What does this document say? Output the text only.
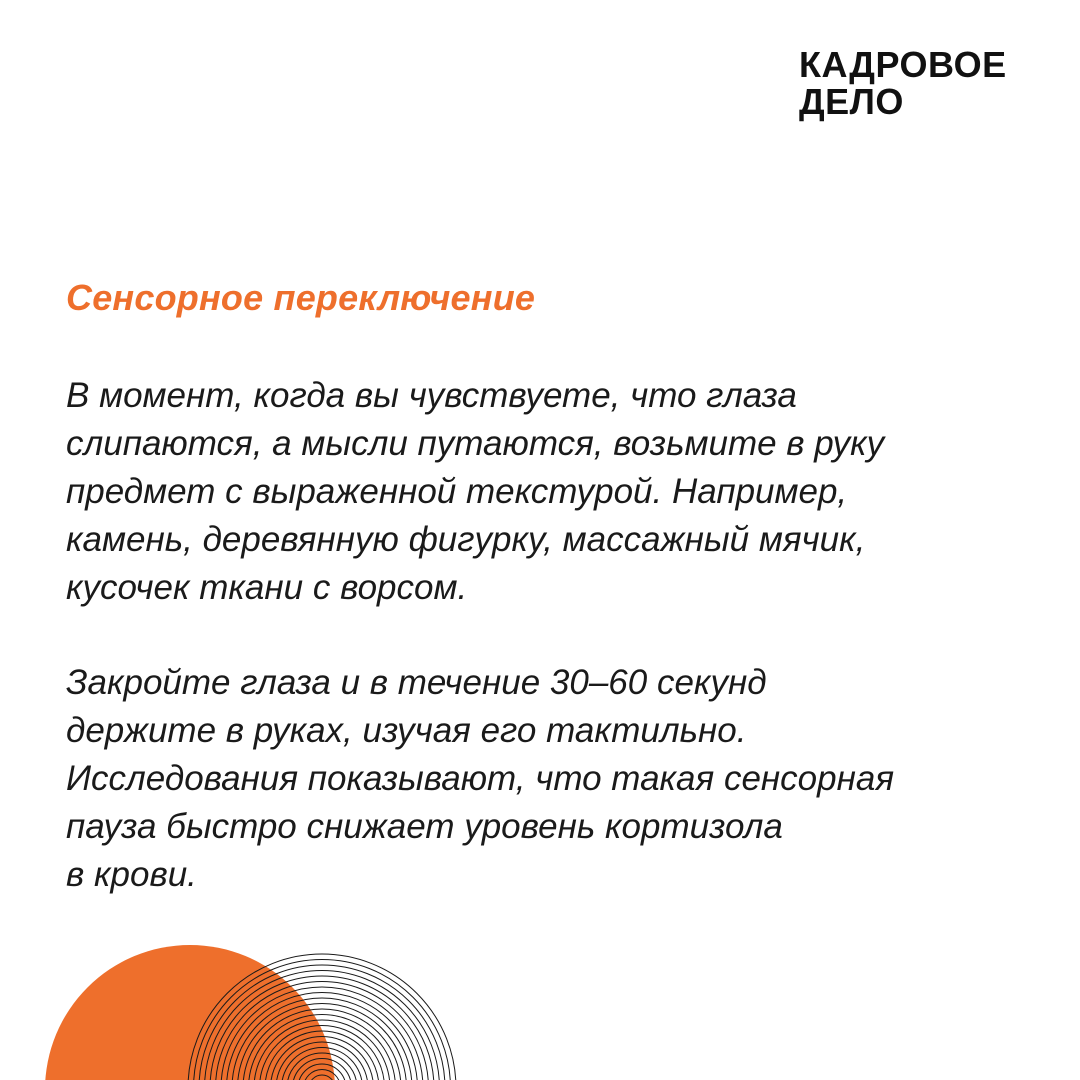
КАДРОВОЕ
ДЕЛО
Сенсорное переключение

В момент, когда вы чувствуете, что глаза
слипаются, а мысли путаются, возьмите в руку
предмет с выраженной текстурой. Например,
камень, деревянную фигурку, массажный мячик,
кусочек ткани с ворсом.

Закройте глаза и в течение 30–60 секунд
держите в руках, изучая его тактильно.
Исследования показывают, что такая сенсорная
пауза быстро снижает уровень кортизола
в крови.
